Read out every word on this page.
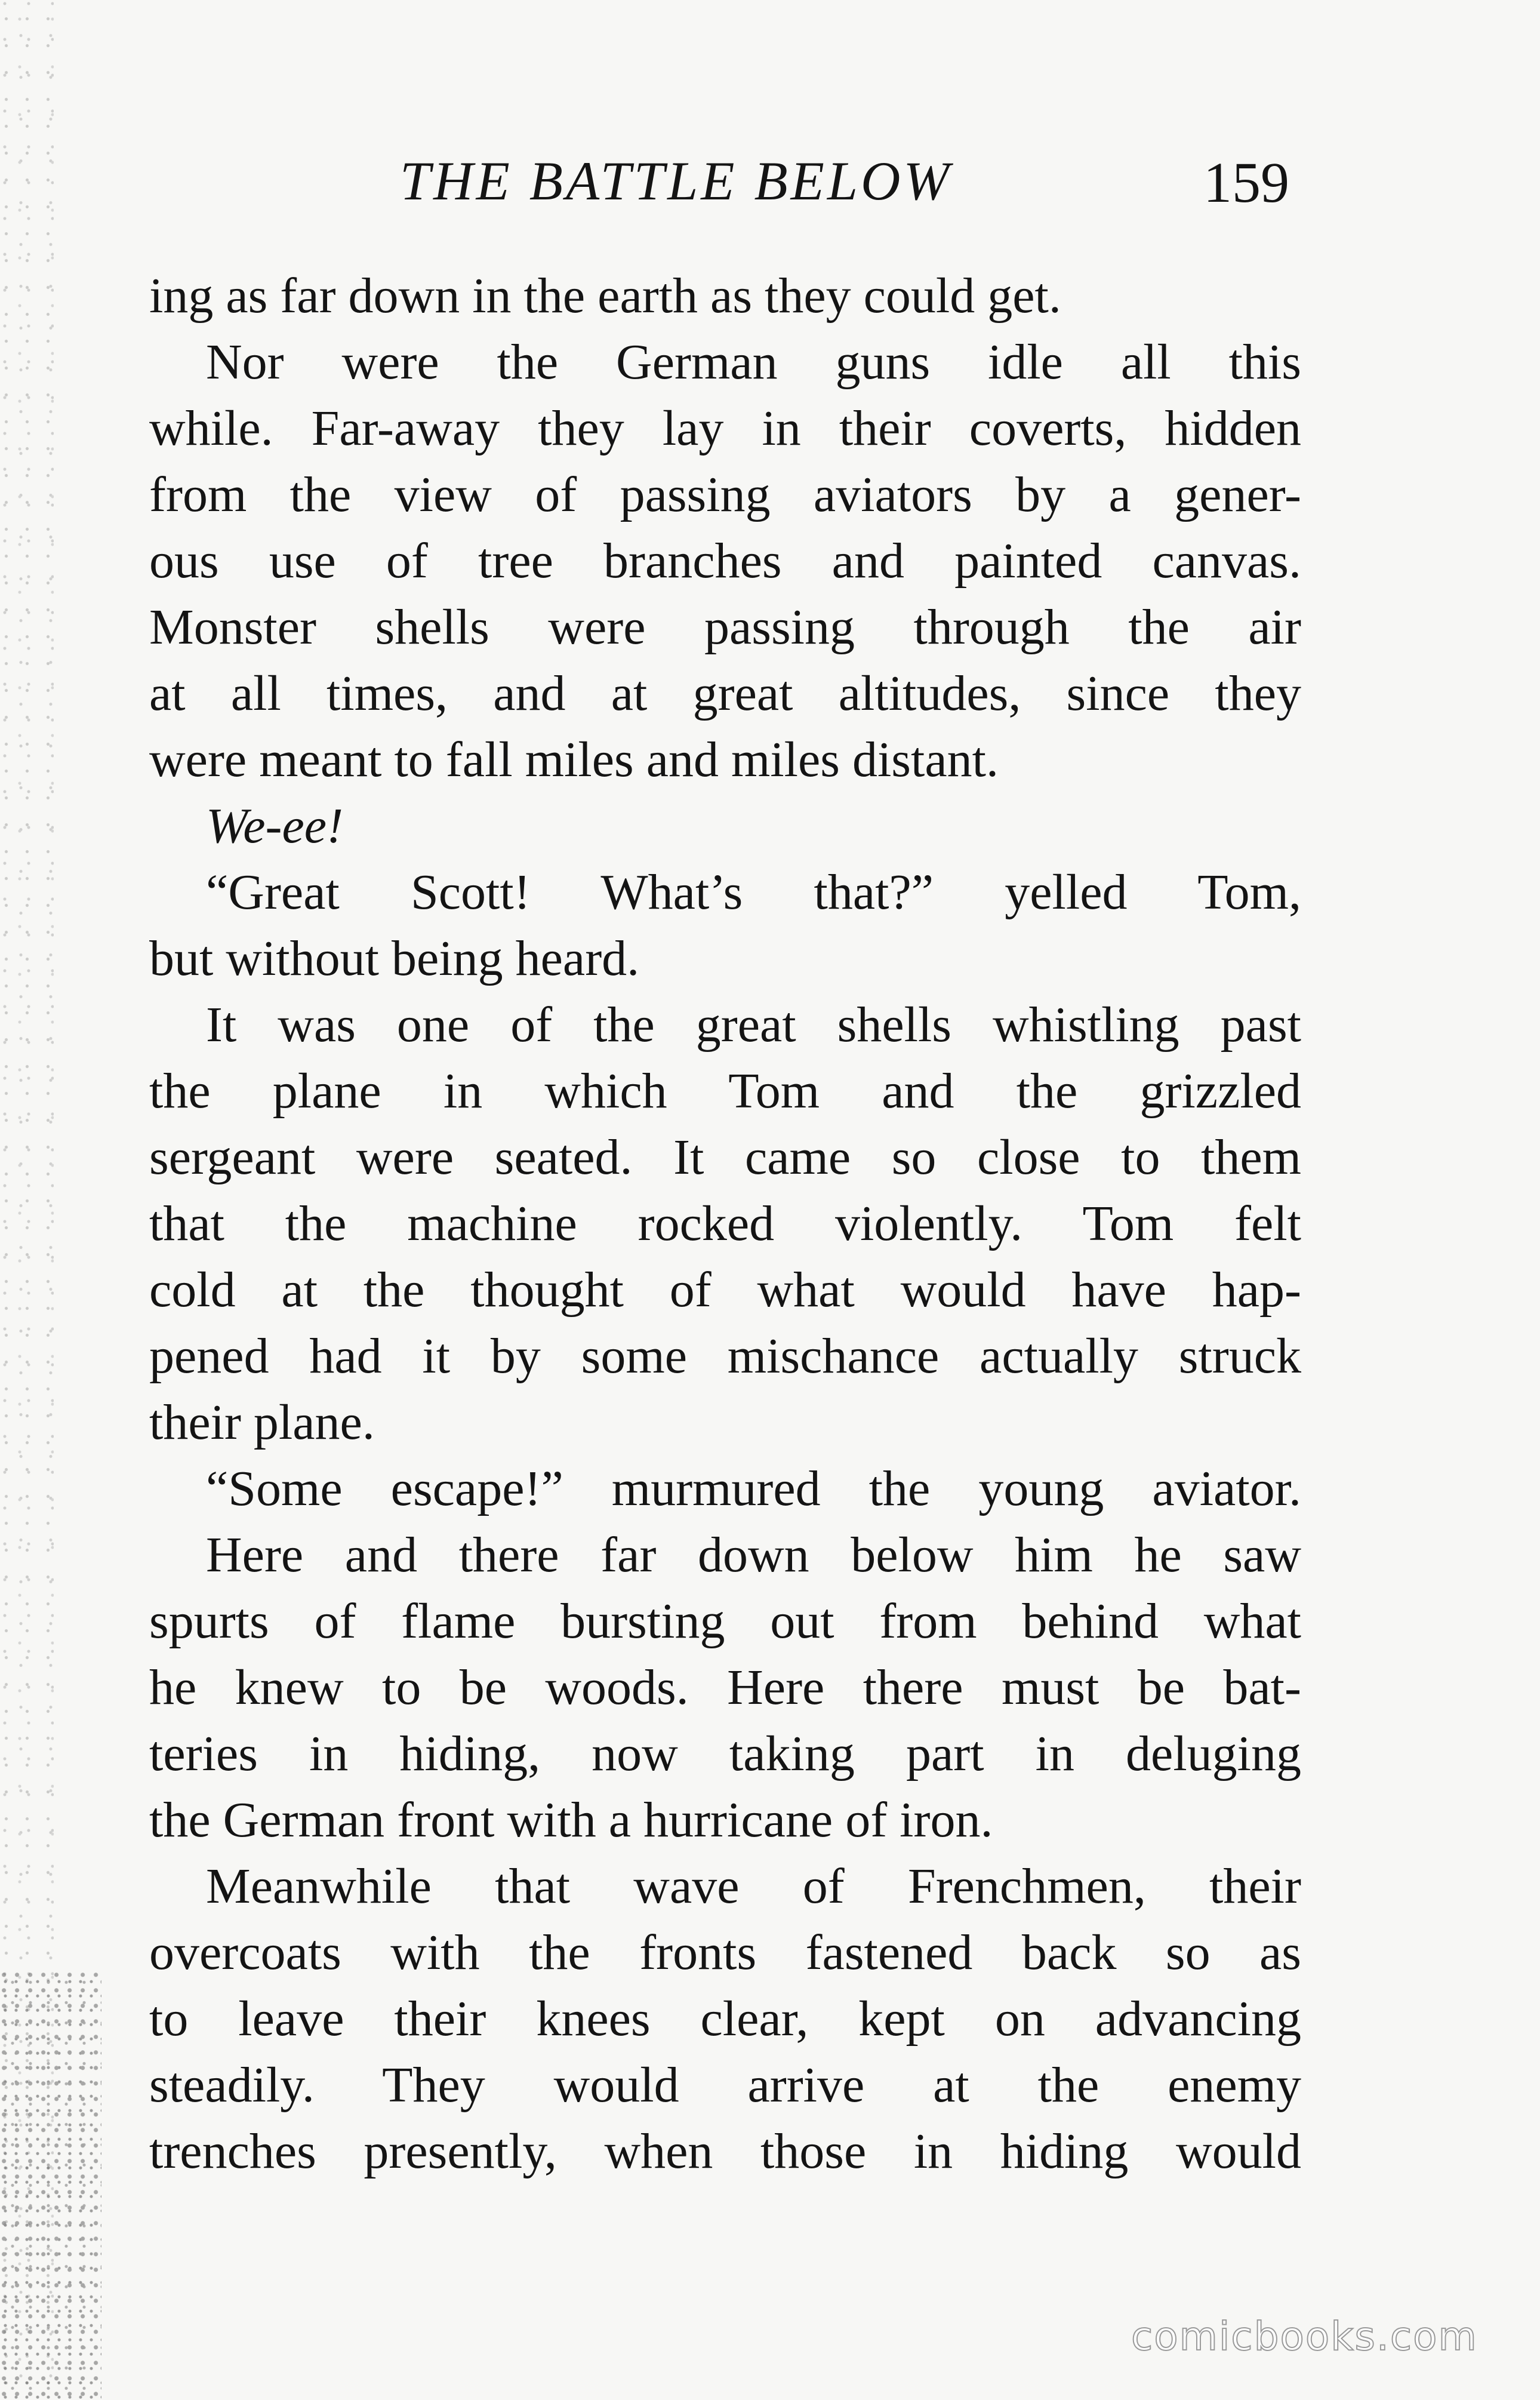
THE BATTLE BELOW	159
ing as far down in the earth as they could get.
Nor were the German guns idle all this
while. Far-away they lay in their coverts, hidden
from the view of passing aviators by a gener-
ous use of tree branches and painted canvas.
Monster shells were passing through the air
at all times, and at great altitudes, since they
were meant to fall miles and miles distant.
We-ee!
“Great Scott! What’s that?” yelled Tom,
but without being heard.
It was one of the great shells whistling past
the plane in which Tom and the grizzled
sergeant were seated. It came so close to them
that the machine rocked violently. Tom felt
cold at the thought of what would have hap-
pened had it by some mischance actually struck
their plane.
“Some escape!” murmured the young aviator.
Here and there far down below him he saw
spurts of flame bursting out from behind what
he knew to be woods. Here there must be bat-
teries in hiding, now taking part in deluging
the German front with a hurricane of iron.
Meanwhile that wave of Frenchmen, their
overcoats with the fronts fastened back so as
to leave their knees clear, kept on advancing
steadily. They would arrive at the enemy
trenches presently, when those in hiding would
comicbooks.com
